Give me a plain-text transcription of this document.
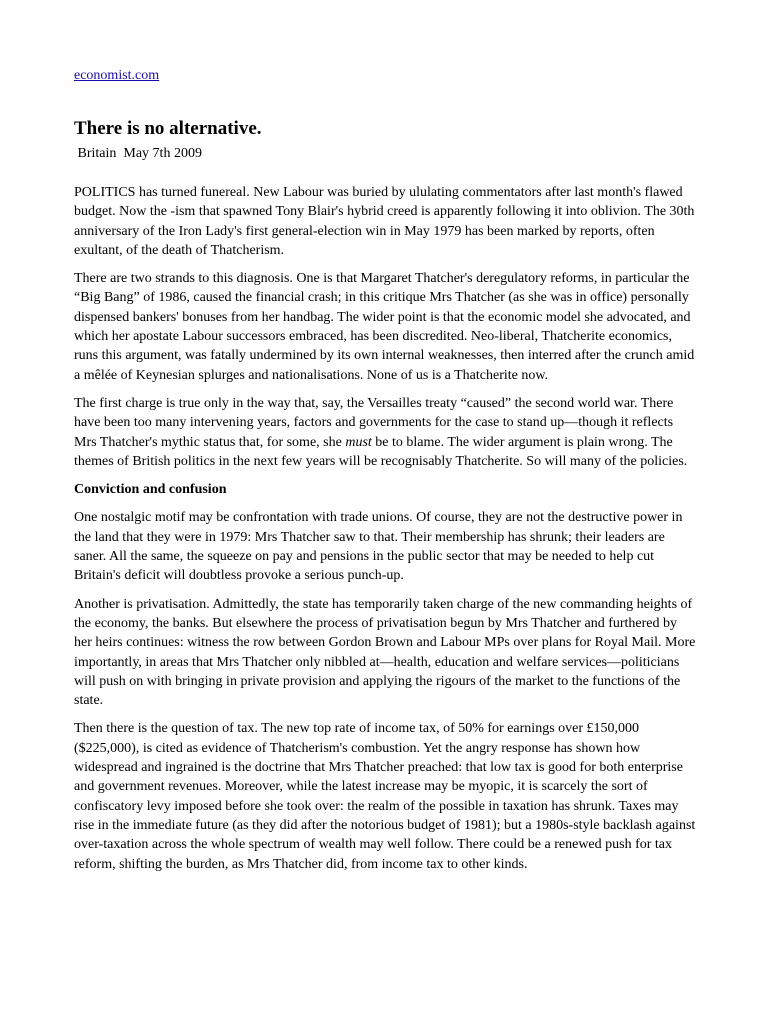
economist.com
There is no alternative.
Britain May 7th 2009

POLITICS has turned funereal. New Labour was buried by ululating commentators after last month's flawed budget. Now the -ism that spawned Tony Blair's hybrid creed is apparently following it into oblivion. The 30th anniversary of the Iron Lady's first general-election win in May 1979 has been marked by reports, often exultant, of the death of Thatcherism.

There are two strands to this diagnosis. One is that Margaret Thatcher's deregulatory reforms, in particular the “Big Bang” of 1986, caused the financial crash; in this critique Mrs Thatcher (as she was in office) personally dispensed bankers' bonuses from her handbag. The wider point is that the economic model she advocated, and which her apostate Labour successors embraced, has been discredited. Neo-liberal, Thatcherite economics, runs this argument, was fatally undermined by its own internal weaknesses, then interred after the crunch amid a mêlée of Keynesian splurges and nationalisations. None of us is a Thatcherite now.

The first charge is true only in the way that, say, the Versailles treaty “caused” the second world war. There have been too many intervening years, factors and governments for the case to stand up—though it reflects Mrs Thatcher's mythic status that, for some, she must be to blame. The wider argument is plain wrong. The themes of British politics in the next few years will be recognisably Thatcherite. So will many of the policies.

Conviction and confusion

One nostalgic motif may be confrontation with trade unions. Of course, they are not the destructive power in the land that they were in 1979: Mrs Thatcher saw to that. Their membership has shrunk; their leaders are saner. All the same, the squeeze on pay and pensions in the public sector that may be needed to help cut Britain's deficit will doubtless provoke a serious punch-up.

Another is privatisation. Admittedly, the state has temporarily taken charge of the new commanding heights of the economy, the banks. But elsewhere the process of privatisation begun by Mrs Thatcher and furthered by her heirs continues: witness the row between Gordon Brown and Labour MPs over plans for Royal Mail. More importantly, in areas that Mrs Thatcher only nibbled at—health, education and welfare services—politicians will push on with bringing in private provision and applying the rigours of the market to the functions of the state.

Then there is the question of tax. The new top rate of income tax, of 50% for earnings over £150,000 ($225,000), is cited as evidence of Thatcherism's combustion. Yet the angry response has shown how widespread and ingrained is the doctrine that Mrs Thatcher preached: that low tax is good for both enterprise and government revenues. Moreover, while the latest increase may be myopic, it is scarcely the sort of confiscatory levy imposed before she took over: the realm of the possible in taxation has shrunk. Taxes may rise in the immediate future (as they did after the notorious budget of 1981); but a 1980s-style backlash against over-taxation across the whole spectrum of wealth may well follow. There could be a renewed push for tax reform, shifting the burden, as Mrs Thatcher did, from income tax to other kinds.
